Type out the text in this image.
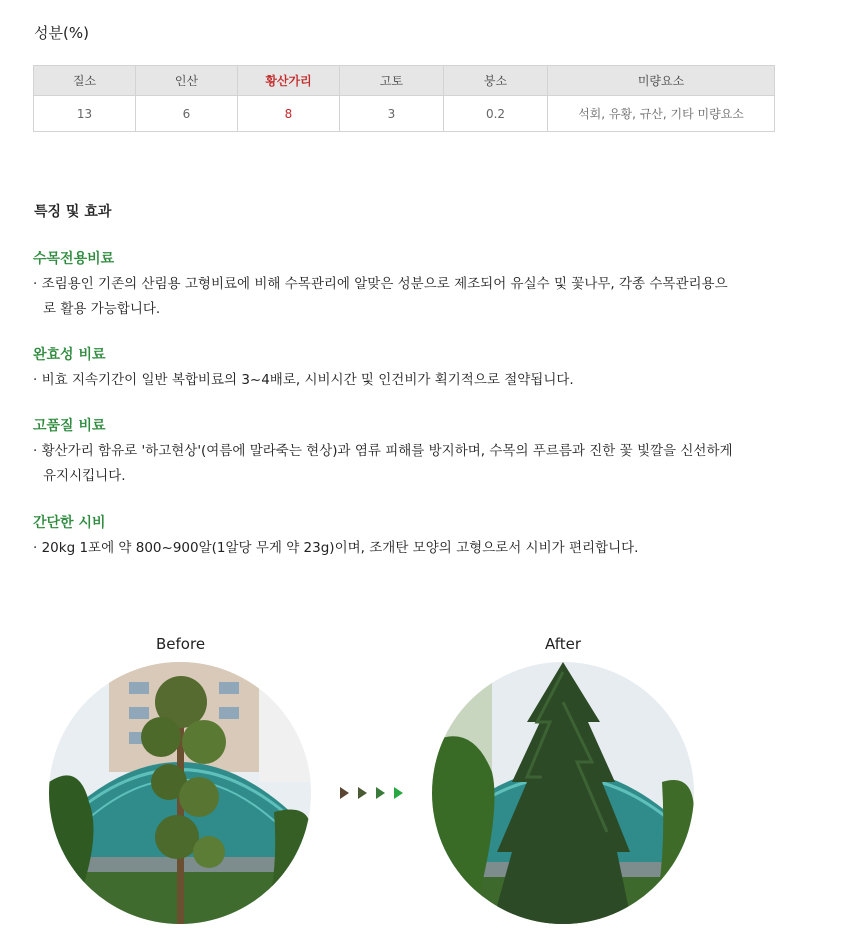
성분(%)
질소	인산	황산가리	고토	붕소	미량요소
13	6	8	3	0.2	석회, 유황, 규산, 기타 미량요소
특징 및 효과
수목전용비료

· 조림용인 기존의 산림용 고형비료에 비해 수목관리에 알맞은 성분으로 제조되어 유실수 및 꽃나무, 각종 수목관리용으로 활용 가능합니다.

완효성 비료

· 비효 지속기간이 일반 복합비료의 3~4배로, 시비시간 및 인건비가 획기적으로 절약됩니다.

고품질 비료

· 황산가리 함유로 '하고현상'(여름에 말라죽는 현상)과 염류 피해를 방지하며, 수목의 푸르름과 진한 꽃 빛깔을 신선하게 유지시킵니다.

간단한 시비

· 20kg 1포에 약 800~900알(1알당 무게 약 23g)이며, 조개탄 모양의 고형으로서 시비가 편리합니다.

Before	After
